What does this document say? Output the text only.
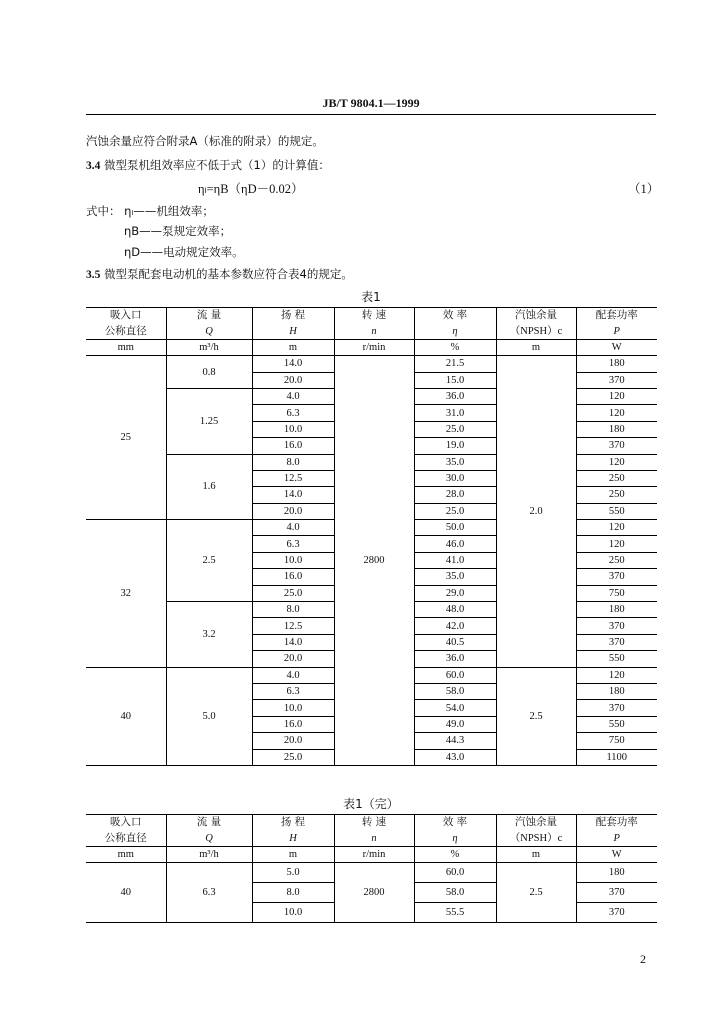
JB/T 9804.1—1999
汽蚀余量应符合附录A（标准的附录）的规定。
3.4 微型泵机组效率应不低于式（1）的计算值：
ηₗ=ηB（ηD－0.02）	（1）
式中： ηₗ——机组效率；
ηB——泵规定效率；
ηD——电动规定效率。
3.5 微型泵配套电动机的基本参数应符合表4的规定。
表1
吸入口	流 量	扬 程	转 速	效 率	汽蚀余量	配套功率
公称直径	Q	H	n	η	（NPSH）c	P
mm	m³/h	m	r/min	%	m	W
25	0.8	14.0	2800	21.5	2.0	180
		20.0		15.0		370
	1.25	4.0		36.0		120
		6.3		31.0		120
		10.0		25.0		180
		16.0		19.0		370
	1.6	8.0		35.0		120
		12.5		30.0		250
		14.0		28.0		250
		20.0		25.0		550
32	2.5	4.0		50.0		120
		6.3		46.0		120
		10.0		41.0		250
		16.0		35.0		370
		25.0		29.0		750
	3.2	8.0		48.0		180
		12.5		42.0		370
		14.0		40.5		370
		20.0		36.0		550
40	5.0	4.0		60.0	2.5	120
		6.3		58.0		180
		10.0		54.0		370
		16.0		49.0		550
		20.0		44.3		750
		25.0		43.0		1100
表1（完）
吸入口	流 量	扬 程	转 速	效 率	汽蚀余量	配套功率
公称直径	Q	H	n	η	（NPSH）c	P
mm	m³/h	m	r/min	%	m	W
40	6.3	5.0	2800	60.0	2.5	180
		8.0		58.0		370
		10.0		55.5		370
2
